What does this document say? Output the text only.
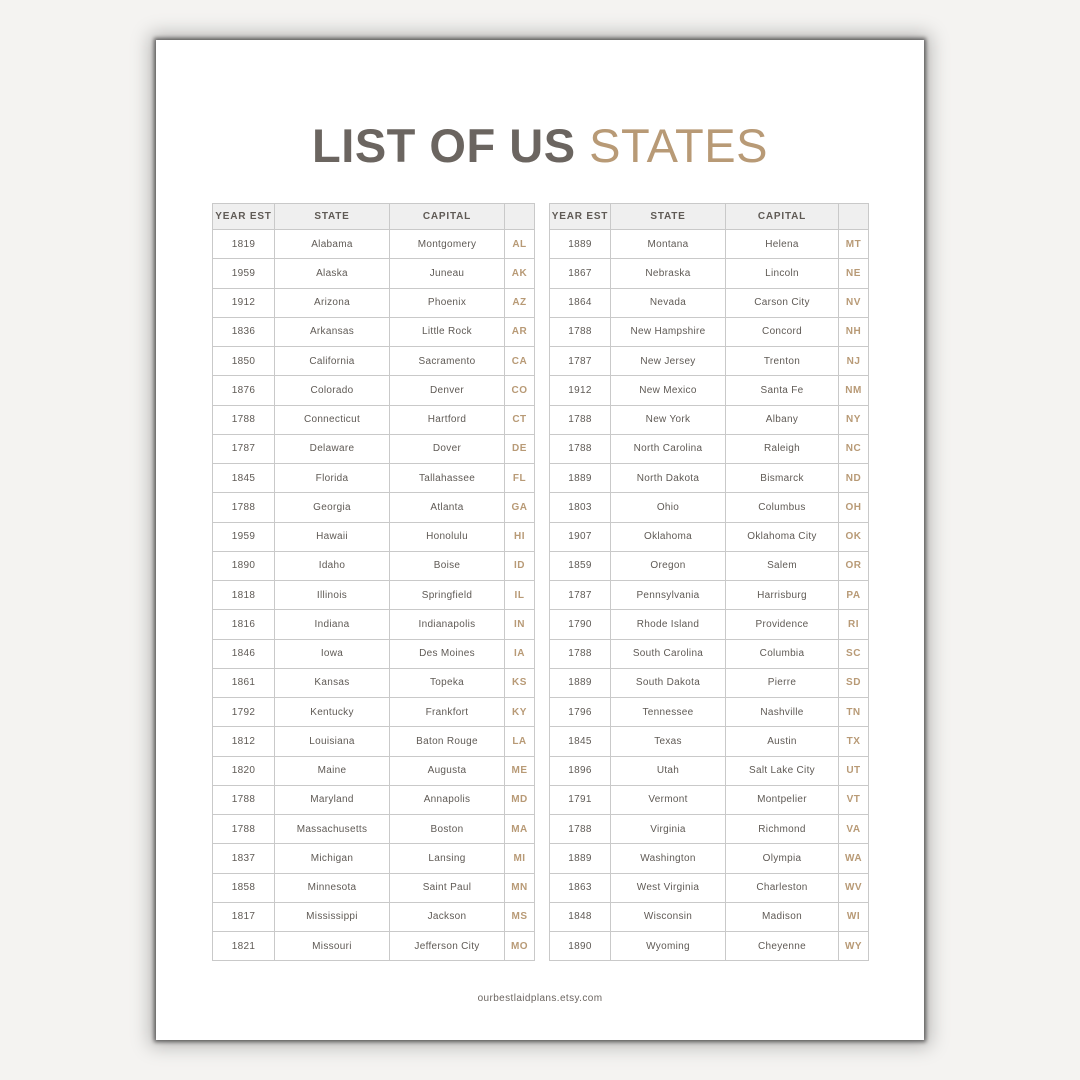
LIST OF US STATES
YEAR EST	STATE	CAPITAL	
1819	Alabama	Montgomery	AL
1959	Alaska	Juneau	AK
1912	Arizona	Phoenix	AZ
1836	Arkansas	Little Rock	AR
1850	California	Sacramento	CA
1876	Colorado	Denver	CO
1788	Connecticut	Hartford	CT
1787	Delaware	Dover	DE
1845	Florida	Tallahassee	FL
1788	Georgia	Atlanta	GA
1959	Hawaii	Honolulu	HI
1890	Idaho	Boise	ID
1818	Illinois	Springfield	IL
1816	Indiana	Indianapolis	IN
1846	Iowa	Des Moines	IA
1861	Kansas	Topeka	KS
1792	Kentucky	Frankfort	KY
1812	Louisiana	Baton Rouge	LA
1820	Maine	Augusta	ME
1788	Maryland	Annapolis	MD
1788	Massachusetts	Boston	MA
1837	Michigan	Lansing	MI
1858	Minnesota	Saint Paul	MN
1817	Mississippi	Jackson	MS
1821	Missouri	Jefferson City	MO
YEAR EST	STATE	CAPITAL	
1889	Montana	Helena	MT
1867	Nebraska	Lincoln	NE
1864	Nevada	Carson City	NV
1788	New Hampshire	Concord	NH
1787	New Jersey	Trenton	NJ
1912	New Mexico	Santa Fe	NM
1788	New York	Albany	NY
1788	North Carolina	Raleigh	NC
1889	North Dakota	Bismarck	ND
1803	Ohio	Columbus	OH
1907	Oklahoma	Oklahoma City	OK
1859	Oregon	Salem	OR
1787	Pennsylvania	Harrisburg	PA
1790	Rhode Island	Providence	RI
1788	South Carolina	Columbia	SC
1889	South Dakota	Pierre	SD
1796	Tennessee	Nashville	TN
1845	Texas	Austin	TX
1896	Utah	Salt Lake City	UT
1791	Vermont	Montpelier	VT
1788	Virginia	Richmond	VA
1889	Washington	Olympia	WA
1863	West Virginia	Charleston	WV
1848	Wisconsin	Madison	WI
1890	Wyoming	Cheyenne	WY
ourbestlaidplans.etsy.com
